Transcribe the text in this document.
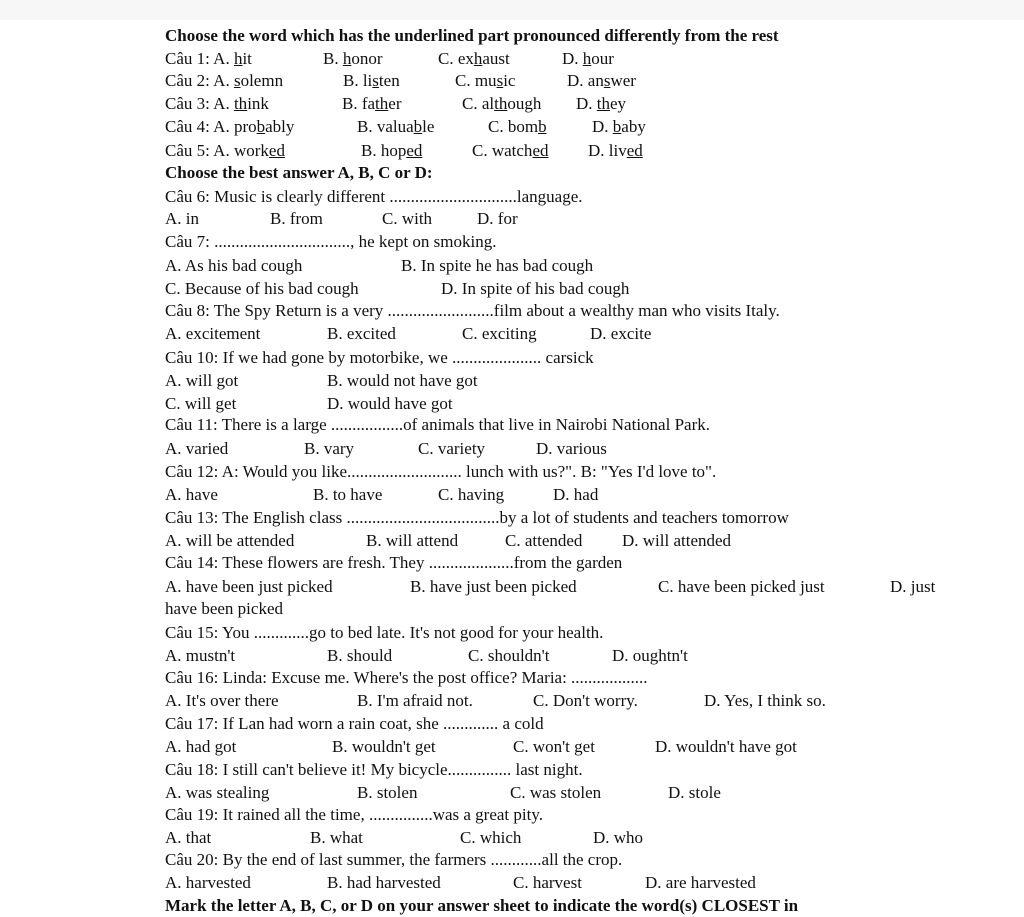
Choose the word which has the underlined part pronounced differently from the rest
Câu 1: A. hit	B. honor	C. exhaust	D. hour
Câu 2: A. solemn	B. listen	C. music	D. answer
Câu 3: A. think	B. father	C. although D. they
Câu 4: A. probably	B. valuable	C. bomb	D. baby
Câu 5: A. worked	B. hoped	C. watched D. lived
Choose the best answer A, B, C or D:
Câu 6: Music is clearly different ..............................language.
A. in	B. from	C. with	D. for
Câu 7: ................................, he kept on smoking.
A. As his bad cough	B. In spite he has bad cough
C. Because of his bad cough	D. In spite of his bad cough
Câu 8: The Spy Return is a very .........................film about a wealthy man who visits Italy.
A. excitement	B. excited	C. exciting	D. excite
Câu 10: If we had gone by motorbike, we ..................... carsick
A. will got	B. would not have got
C. will get	D. would have got
Câu 11: There is a large .................of animals that live in Nairobi National Park.
A. varied	B. vary	C. variety	D. various
Câu 12: A: Would you like........................... lunch with us?". B: "Yes I'd love to".
A. have	B. to have	C. having	D. had
Câu 13: The English class ....................................by a lot of students and teachers tomorrow
A. will be attended	B. will attend	C. attended D. will attended
Câu 14: These flowers are fresh. They ....................from the garden
A. have been just picked	B. have just been picked	C. have been picked just	D. just
have been picked
Câu 15: You .............go to bed late. It's not good for your health.
A. mustn't	B. should	C. shouldn't	D. oughtn't
Câu 16: Linda: Excuse me. Where's the post office? Maria: ..................
A. It's over there	B. I'm afraid not.	C. Don't worry.	D. Yes, I think so.
Câu 17: If Lan had worn a rain coat, she ............. a cold
A. had got	B. wouldn't get	C. won't get	D. wouldn't have got
Câu 18: I still can't believe it! My bicycle............... last night.
A. was stealing	B. stolen	C. was stolen	D. stole
Câu 19: It rained all the time, ...............was a great pity.
A. that	B. what	C. which	D. who
Câu 20: By the end of last summer, the farmers ............all the crop.
A. harvested	B. had harvested	C. harvest	D. are harvested
Mark the letter A, B, C, or D on your answer sheet to indicate the word(s) CLOSEST in
